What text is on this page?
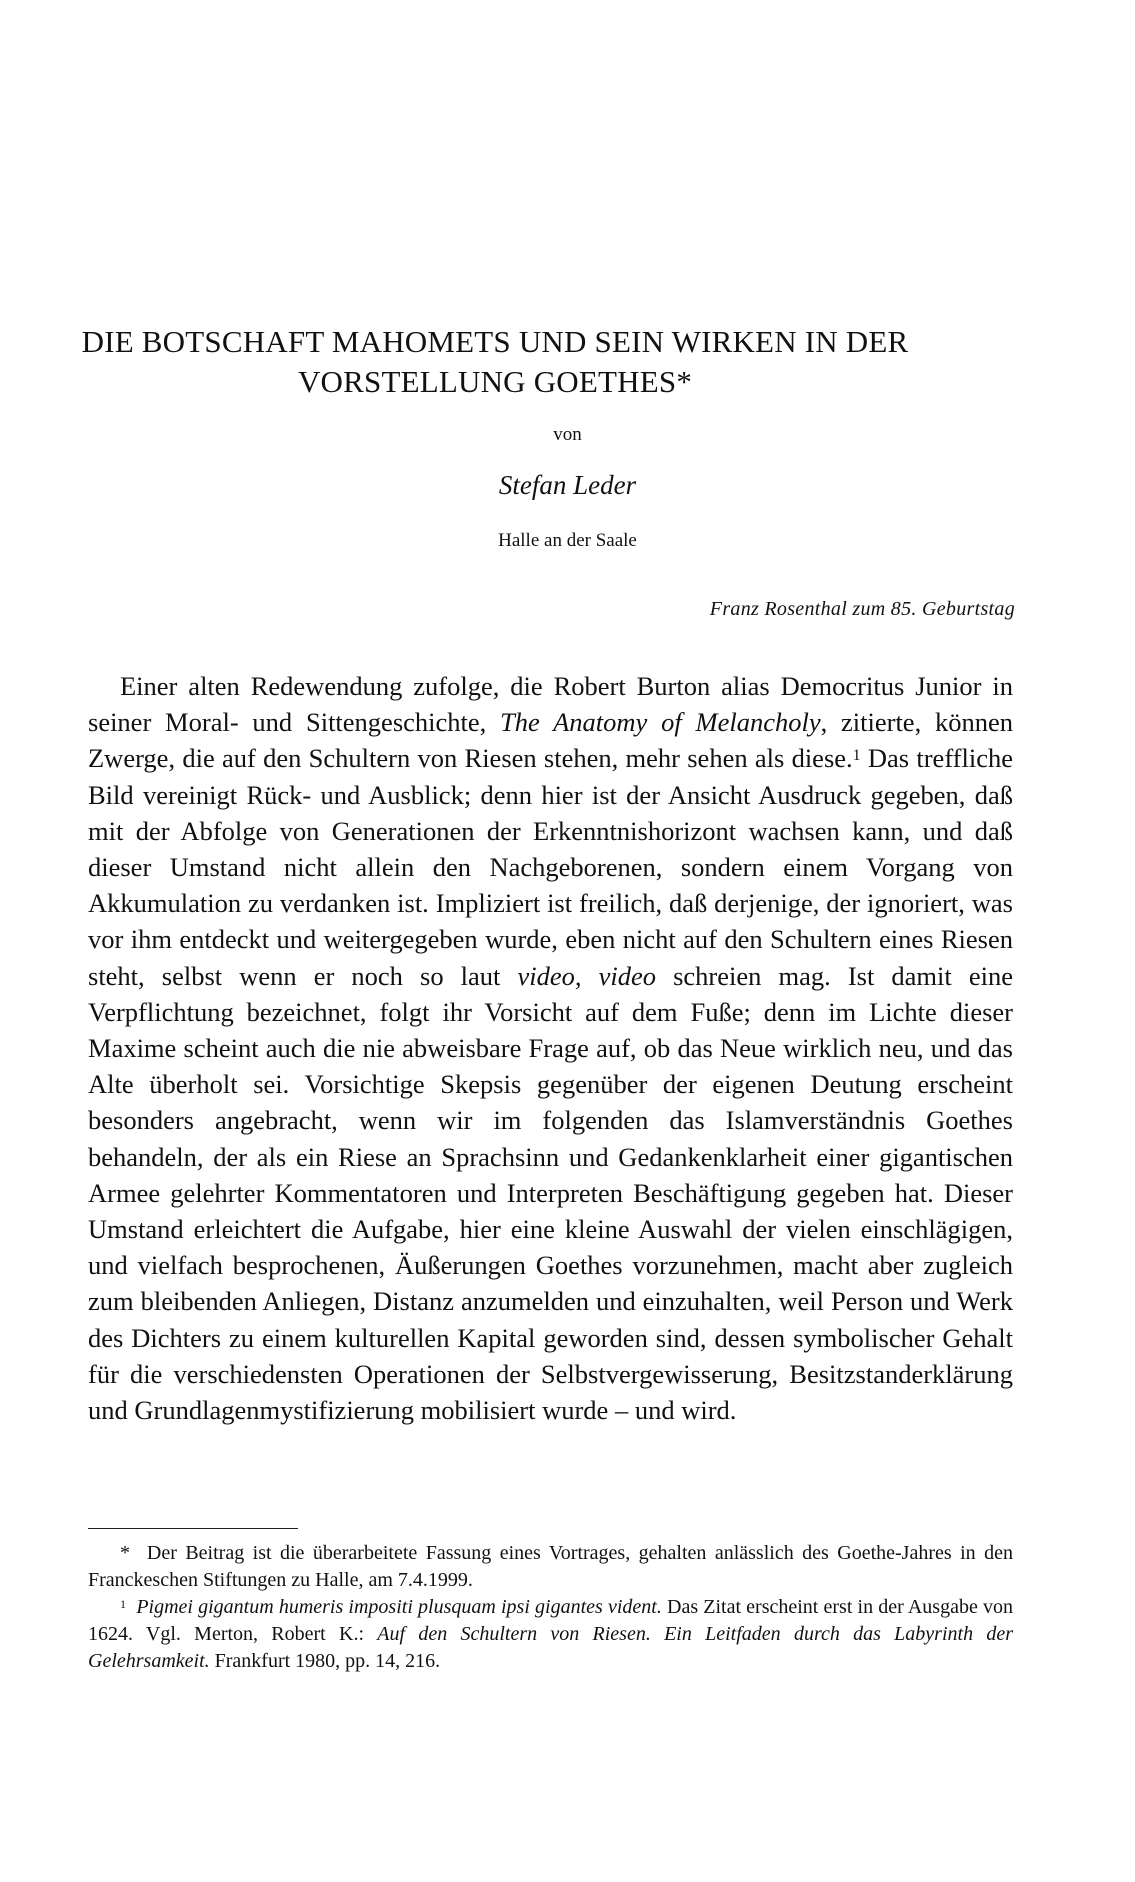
DIE BOTSCHAFT MAHOMETS UND SEIN WIRKEN IN DER
VORSTELLUNG GOETHES*
von
Stefan Leder
Halle an der Saale
Franz Rosenthal zum 85. Geburtstag
Einer alten Redewendung zufolge, die Robert Burton alias Democritus Junior in seiner Moral- und Sittengeschichte, The Anatomy of Melancholy, zitierte, können Zwerge, die auf den Schultern von Riesen stehen, mehr sehen als diese.$^1$ Das treffliche Bild vereinigt Rück- und Ausblick; denn hier ist der Ansicht Ausdruck gegeben, daß mit der Abfolge von Generationen der Erkenntnishorizont wachsen kann, und daß dieser Umstand nicht allein den Nachgeborenen, sondern einem Vorgang von Akkumulation zu verdanken ist. Impliziert ist freilich, daß derjenige, der ignoriert, was vor ihm entdeckt und weitergegeben wurde, eben nicht auf den Schultern eines Riesen steht, selbst wenn er noch so laut video, video schreien mag. Ist damit eine Verpflichtung bezeichnet, folgt ihr Vorsicht auf dem Fuße; denn im Lichte dieser Maxime scheint auch die nie abweisbare Frage auf, ob das Neue wirklich neu, und das Alte überholt sei. Vorsichtige Skepsis gegenüber der eigenen Deutung erscheint besonders angebracht, wenn wir im folgenden das Islamverständnis Goethes behandeln, der als ein Riese an Sprachsinn und Gedankenklarheit einer gigantischen Armee gelehrter Kommentatoren und Interpreten Beschäftigung gegeben hat. Dieser Umstand erleichtert die Aufgabe, hier eine kleine Auswahl der vielen einschlägigen, und vielfach besprochenen, Äußerungen Goethes vorzunehmen, macht aber zugleich zum bleibenden Anliegen, Distanz anzumelden und einzuhalten, weil Person und Werk des Dichters zu einem kulturellen Kapital geworden sind, dessen symbolischer Gehalt für die verschiedensten Operationen der Selbstvergewisserung, Besitzstanderklärung und Grundlagenmystifizierung mobilisiert wurde – und wird.
* Der Beitrag ist die überarbeitete Fassung eines Vortrages, gehalten anlässlich des Goethe-Jahres in den Franckeschen Stiftungen zu Halle, am 7.4.1999.
$^1$ Pigmei gigantum humeris impositi plusquam ipsi gigantes vident. Das Zitat erscheint erst in der Ausgabe von 1624. Vgl. Merton, Robert K.: Auf den Schultern von Riesen. Ein Leitfaden durch das Labyrinth der Gelehrsamkeit. Frankfurt 1980, pp. 14, 216.
